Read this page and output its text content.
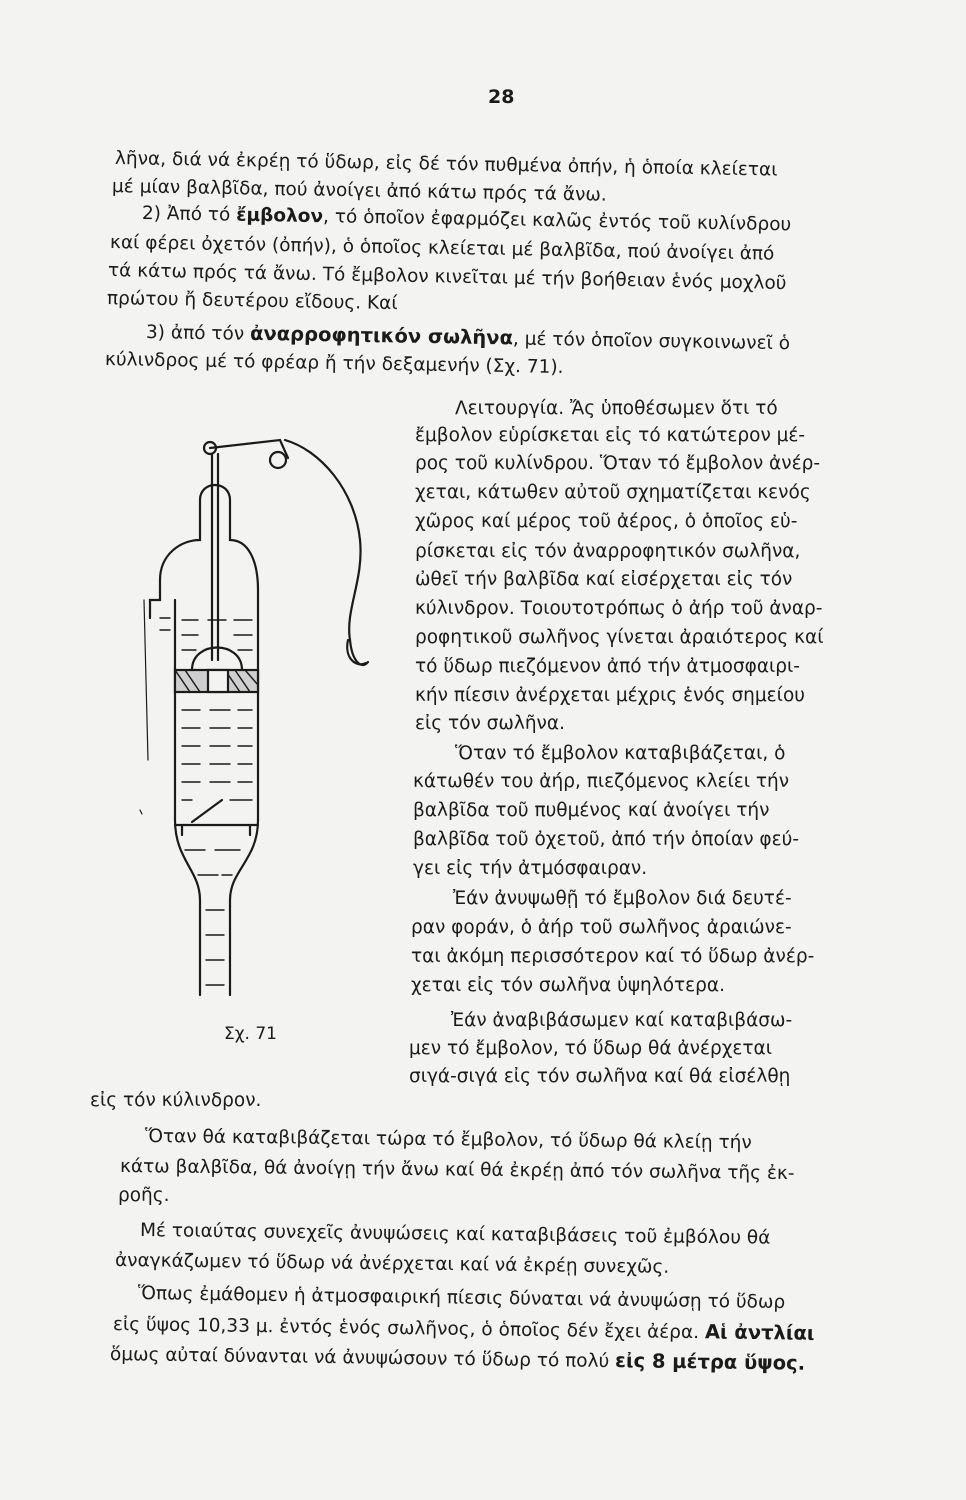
28
λῆνα, διά νά ἐκρέῃ τό ὕδωρ, εἰς δέ τόν πυθμένα ὀπήν, ἡ ὁποία κλείεται
μέ μίαν βαλβῖδα, πού ἀνοίγει ἀπό κάτω πρός τά ἄνω.
2) Ἀπό τό ἔμβολον, τό ὁποῖον ἐφαρμόζει καλῶς ἐντός τοῦ κυλίνδρου
καί φέρει ὀχετόν (ὀπήν), ὁ ὁποῖος κλείεται μέ βαλβῖδα, πού ἀνοίγει ἀπό
τά κάτω πρός τά ἄνω. Τό ἔμβολον κινεῖται μέ τήν βοήθειαν ἑνός μοχλοῦ
πρώτου ἤ δευτέρου εἴδους. Καί
3) ἀπό τόν ἀναρροφητικόν σωλῆνα, μέ τόν ὁποῖον συγκοινωνεῖ ὁ
κύλινδρος μέ τό φρέαρ ἤ τήν δεξαμενήν (Σχ. 71).
Λειτουργία. Ἄς ὑποθέσωμεν ὅτι τό
ἔμβολον εὑρίσκεται εἰς τό κατώτερον μέ-
ρος τοῦ κυλίνδρου. Ὅταν τό ἔμβολον ἀνέρ-
χεται, κάτωθεν αὐτοῦ σχηματίζεται κενός
χῶρος καί μέρος τοῦ ἀέρος, ὁ ὁποῖος εὑ-
ρίσκεται εἰς τόν ἀναρροφητικόν σωλῆνα,
ὠθεῖ τήν βαλβῖδα καί εἰσέρχεται εἰς τόν
κύλινδρον. Τοιουτοτρόπως ὁ ἀήρ τοῦ ἀναρ-
ροφητικοῦ σωλῆνος γίνεται ἀραιότερος καί
τό ὕδωρ πιεζόμενον ἀπό τήν ἀτμοσφαιρι-
κήν πίεσιν ἀνέρχεται μέχρις ἑνός σημείου
εἰς τόν σωλῆνα.
Ὅταν τό ἔμβολον καταβιβάζεται, ὁ
κάτωθέν του ἀήρ, πιεζόμενος κλείει τήν
βαλβῖδα τοῦ πυθμένος καί ἀνοίγει τήν
βαλβῖδα τοῦ ὀχετοῦ, ἀπό τήν ὁποίαν φεύ-
γει εἰς τήν ἀτμόσφαιραν.
Ἐάν ἀνυψωθῇ τό ἔμβολον διά δευτέ-
ραν φοράν, ὁ ἀήρ τοῦ σωλῆνος ἀραιώνε-
ται ἀκόμη περισσότερον καί τό ὕδωρ ἀνέρ-
χεται εἰς τόν σωλῆνα ὑψηλότερα.
Ἐάν ἀναβιβάσωμεν καί καταβιβάσω-
μεν τό ἔμβολον, τό ὕδωρ θά ἀνέρχεται
σιγά-σιγά εἰς τόν σωλῆνα καί θά εἰσέλθῃ
Σχ. 71
εἰς τόν κύλινδρον.
Ὅταν θά καταβιβάζεται τώρα τό ἔμβολον, τό ὕδωρ θά κλείῃ τήν
κάτω βαλβῖδα, θά ἀνοίγῃ τήν ἄνω καί θά ἐκρέῃ ἀπό τόν σωλῆνα τῆς ἐκ-
ροῆς.
Μέ τοιαύτας συνεχεῖς ἀνυψώσεις καί καταβιβάσεις τοῦ ἐμβόλου θά
ἀναγκάζωμεν τό ὕδωρ νά ἀνέρχεται καί νά ἐκρέῃ συνεχῶς.
Ὅπως ἐμάθομεν ἡ ἀτμοσφαιρική πίεσις δύναται νά ἀνυψώσῃ τό ὕδωρ
εἰς ὕψος 10,33 μ. ἐντός ἑνός σωλῆνος, ὁ ὁποῖος δέν ἔχει ἀέρα. Αἱ ἀντλίαι
ὅμως αὐταί δύνανται νά ἀνυψώσουν τό ὕδωρ τό πολύ εἰς 8 μέτρα ὕψος.
